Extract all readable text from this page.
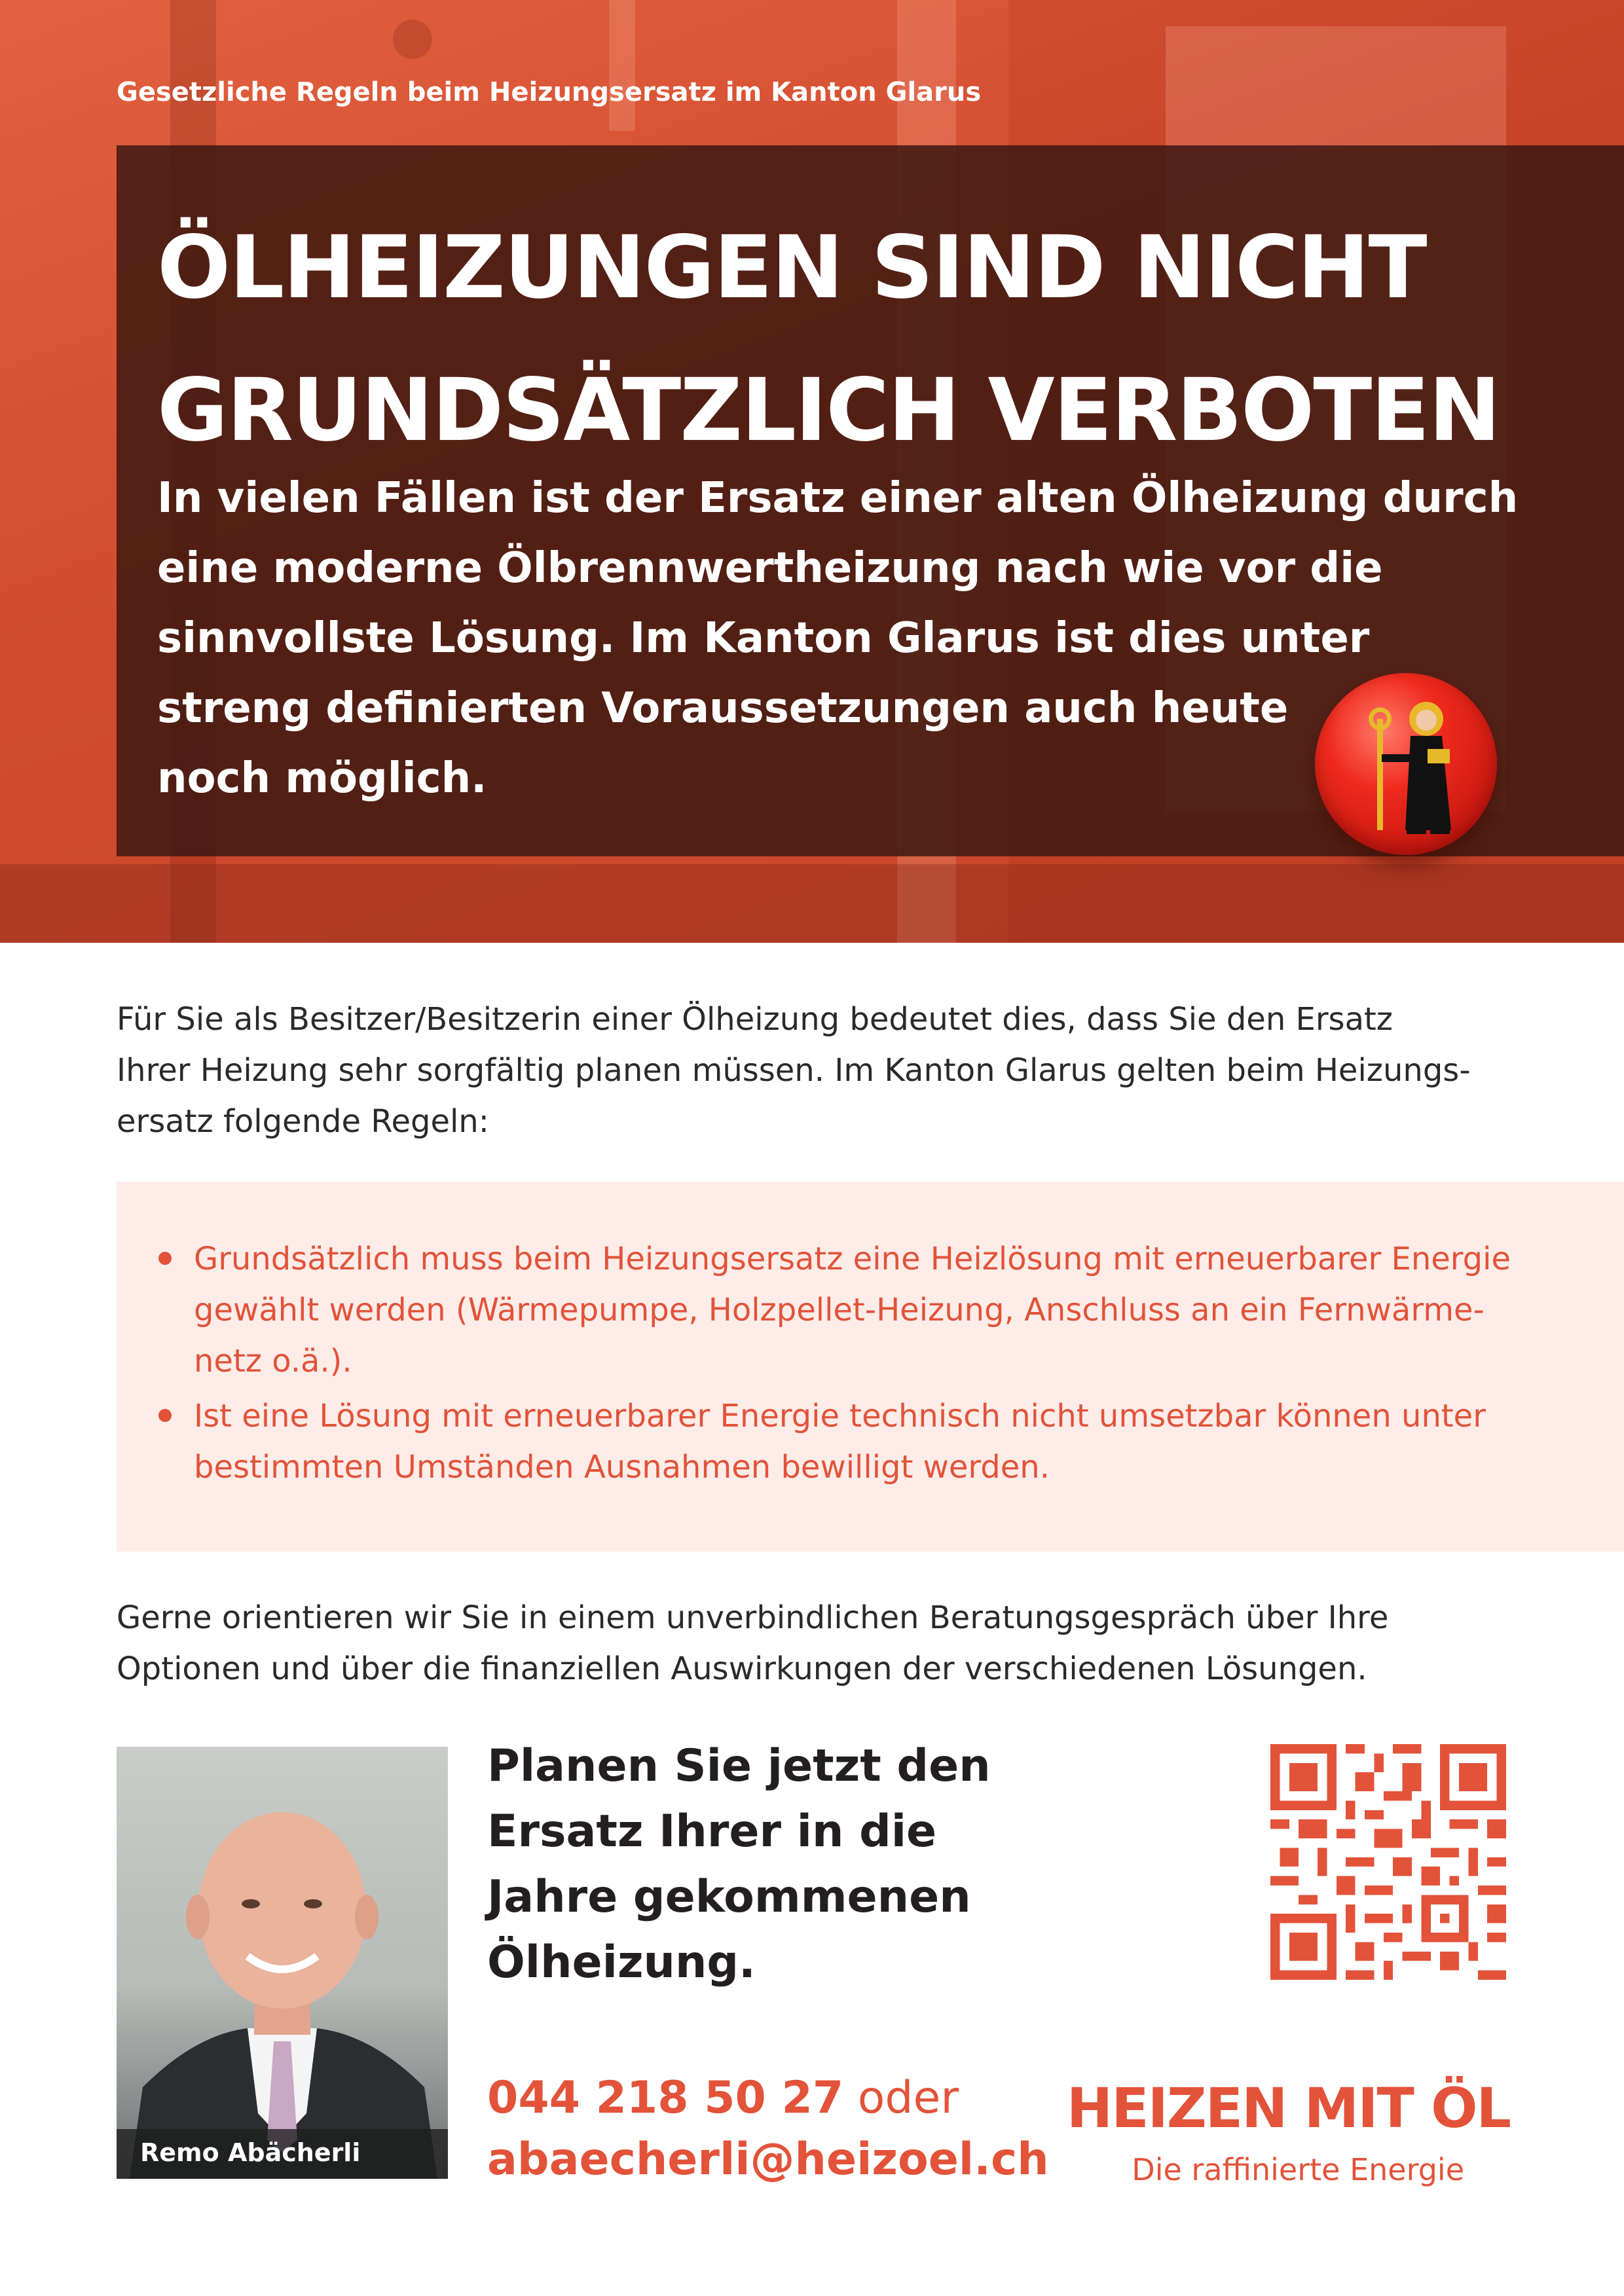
Gesetzliche Regeln beim Heizungsersatz im Kanton Glarus
ÖLHEIZUNGEN SIND NICHT
GRUNDSÄTZLICH VERBOTEN

In vielen Fällen ist der Ersatz einer alten Ölheizung durch
eine moderne Ölbrennwertheizung nach wie vor die
sinnvollste Lösung. Im Kanton Glarus ist dies unter
streng definierten Voraussetzungen auch heute
noch möglich.

Für Sie als Besitzer/Besitzerin einer Ölheizung bedeutet dies, dass Sie den Ersatz
Ihrer Heizung sehr sorgfältig planen müssen. Im Kanton Glarus gelten beim Heizungs-
ersatz folgende Regeln:

Grundsätzlich muss beim Heizungsersatz eine Heizlösung mit erneuerbarer Energie
gewählt werden (Wärmepumpe, Holzpellet-Heizung, Anschluss an ein Fernwärme-
netz o.ä.).
Ist eine Lösung mit erneuerbarer Energie technisch nicht umsetzbar können unter
bestimmten Umständen Ausnahmen bewilligt werden.

Gerne orientieren wir Sie in einem unverbindlichen Beratungsgespräch über Ihre
Optionen und über die finanziellen Auswirkungen der verschiedenen Lösungen.

Remo Abächerli

Planen Sie jetzt den
Ersatz Ihrer in die
Jahre gekommenen
Ölheizung.

044 218 50 27 oder
abaecherli@heizoel.ch
HEIZEN MIT ÖL
Die raffinierte Energie
